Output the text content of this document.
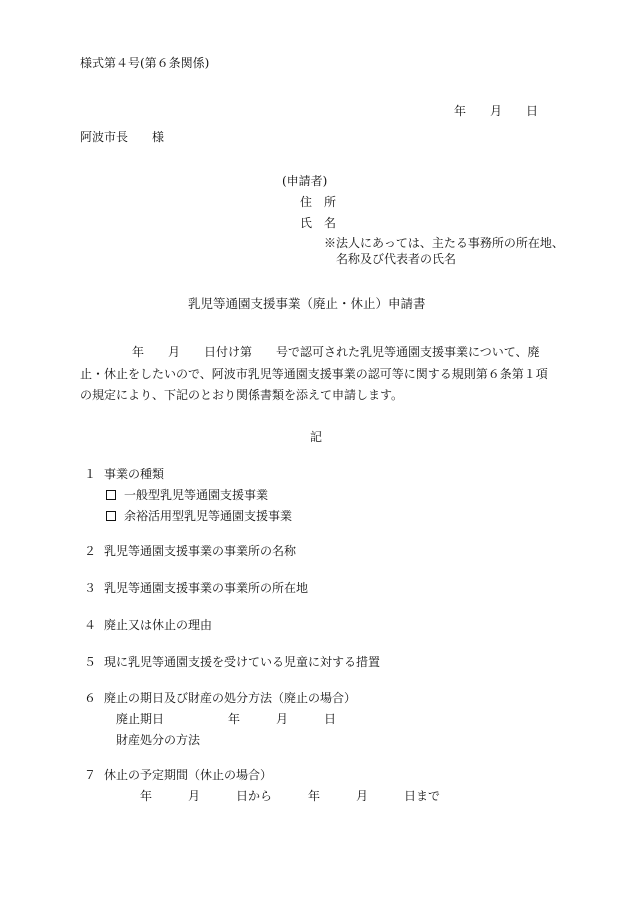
様式第４号(第６条関係)
年　　月　　日
阿波市長　　様
(申請者)
住　所
氏　名
※法人にあっては、主たる事務所の所在地、
名称及び代表者の氏名
乳児等通園支援事業（廃止・休止）申請書
年　　月　　日付け第　　号で認可された乳児等通園支援事業について、廃
止・休止をしたいので、阿波市乳児等通園支援事業の認可等に関する規則第６条第１項
の規定により、下記のとおり関係書類を添えて申請します。
記
１ 事業の種類
一般型乳児等通園支援事業
余裕活用型乳児等通園支援事業
２ 乳児等通園支援事業の事業所の名称
３ 乳児等通園支援事業の事業所の所在地
４ 廃止又は休止の理由
５ 現に乳児等通園支援を受けている児童に対する措置
６ 廃止の期日及び財産の処分方法（廃止の場合）
廃止期日	年　　　月　　　日
財産処分の方法
７ 休止の予定期間（休止の場合）
年　　　月　　　日から　　　年　　　月　　　日まで
